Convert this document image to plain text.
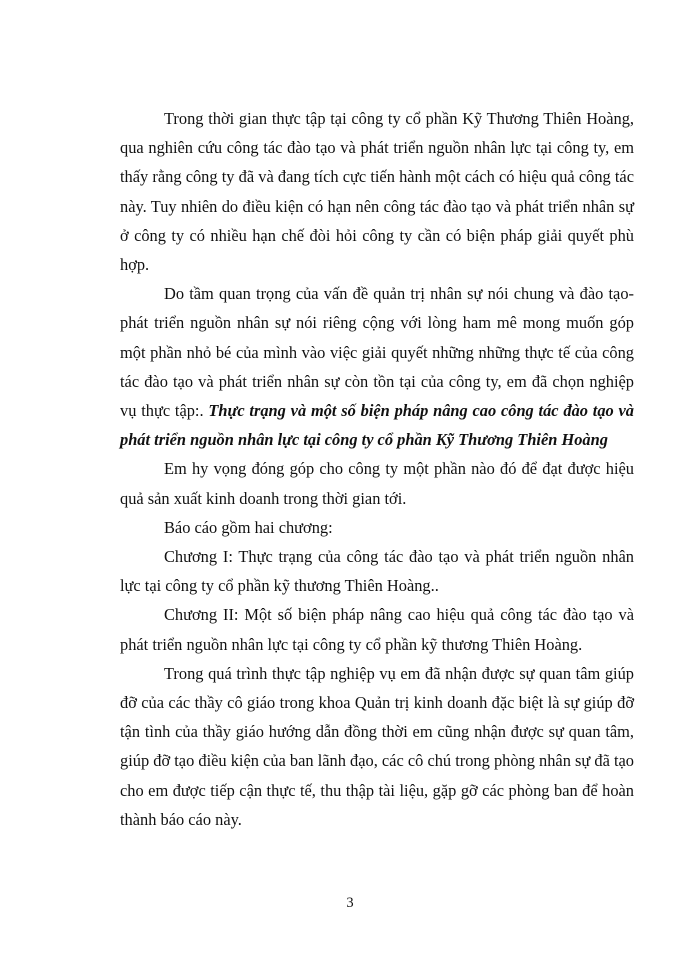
Trong thời gian thực tập tại công ty cổ phần Kỹ Thương Thiên Hoàng, qua nghiên cứu công tác đào tạo và phát triển nguồn nhân lực tại công ty, em thấy rằng công ty đã và đang tích cực tiến hành một cách có hiệu quả công tác này. Tuy nhiên do điều kiện có hạn nên công tác đào tạo và phát triển nhân sự ở công ty có nhiều hạn chế đòi hỏi công ty cần có biện pháp giải quyết phù hợp.

Do tầm quan trọng của vấn đề quản trị nhân sự nói chung và đào tạo-phát triển nguồn nhân sự nói riêng cộng với lòng ham mê mong muốn góp một phần nhỏ bé của mình vào việc giải quyết những những thực tế của công tác đào tạo và phát triển nhân sự còn tồn tại của công ty, em đã chọn nghiệp vụ thực tập:. Thực trạng và một số biện pháp nâng cao công tác đào tạo và phát triển nguồn nhân lực tại công ty cổ phần Kỹ Thương Thiên Hoàng

Em hy vọng đóng góp cho công ty một phần nào đó để đạt được hiệu quả sản xuất kinh doanh trong thời gian tới.

Báo cáo gồm hai chương:

Chương I: Thực trạng của công tác đào tạo và phát triển nguồn nhân lực tại công ty cổ phần kỹ thương Thiên Hoàng..

Chương II: Một số biện pháp nâng cao hiệu quả công tác đào tạo và phát triển nguồn nhân lực tại công ty cổ phần kỹ thương Thiên Hoàng.

Trong quá trình thực tập nghiệp vụ em đã nhận được sự quan tâm giúp đỡ của các thầy cô giáo trong khoa Quản trị kinh doanh đặc biệt là sự giúp đỡ tận tình của thầy giáo hướng dẫn đồng thời em cũng nhận được sự quan tâm, giúp đỡ tạo điều kiện của ban lãnh đạo, các cô chú trong phòng nhân sự đã tạo cho em được tiếp cận thực tế, thu thập tài liệu, gặp gỡ các phòng ban để hoàn thành báo cáo này.

3
